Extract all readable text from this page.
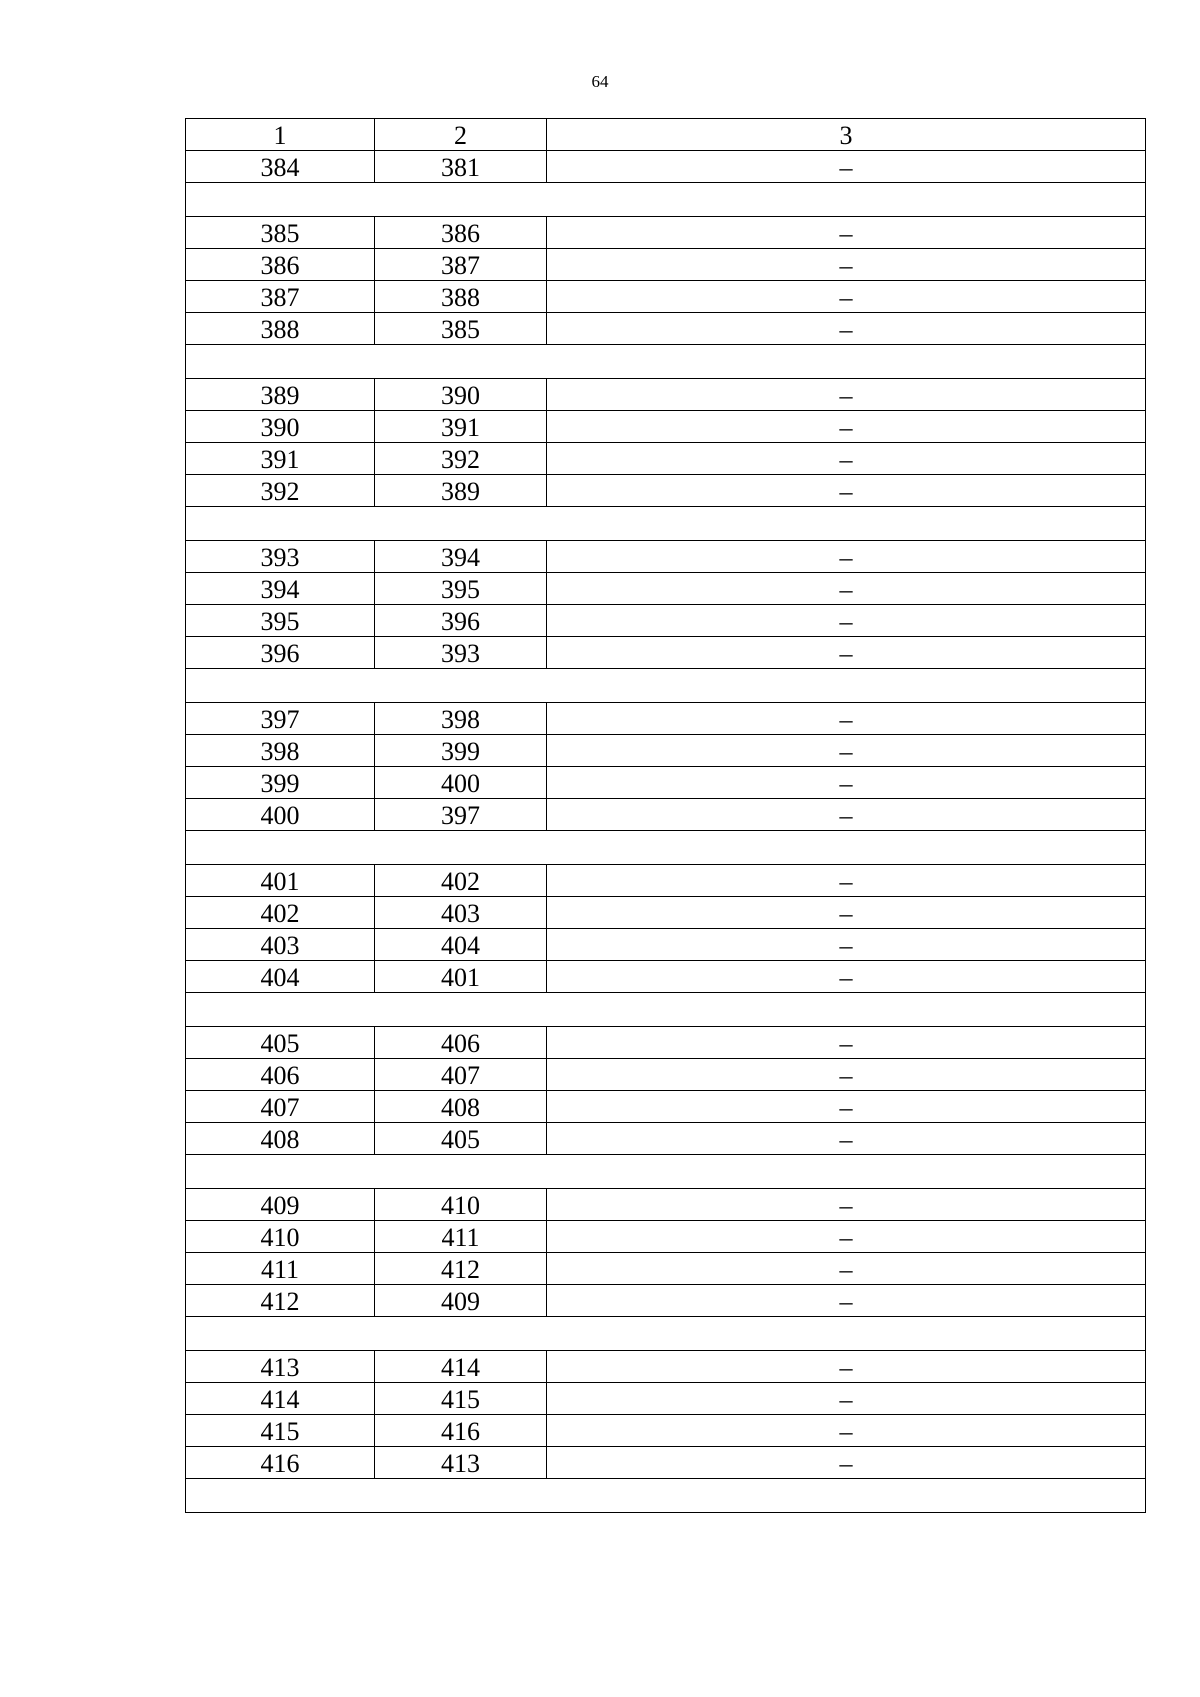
64
1	2	3
384	381	–

385	386	–
386	387	–
387	388	–
388	385	–

389	390	–
390	391	–
391	392	–
392	389	–

393	394	–
394	395	–
395	396	–
396	393	–

397	398	–
398	399	–
399	400	–
400	397	–

401	402	–
402	403	–
403	404	–
404	401	–

405	406	–
406	407	–
407	408	–
408	405	–

409	410	–
410	411	–
411	412	–
412	409	–

413	414	–
414	415	–
415	416	–
416	413	–
